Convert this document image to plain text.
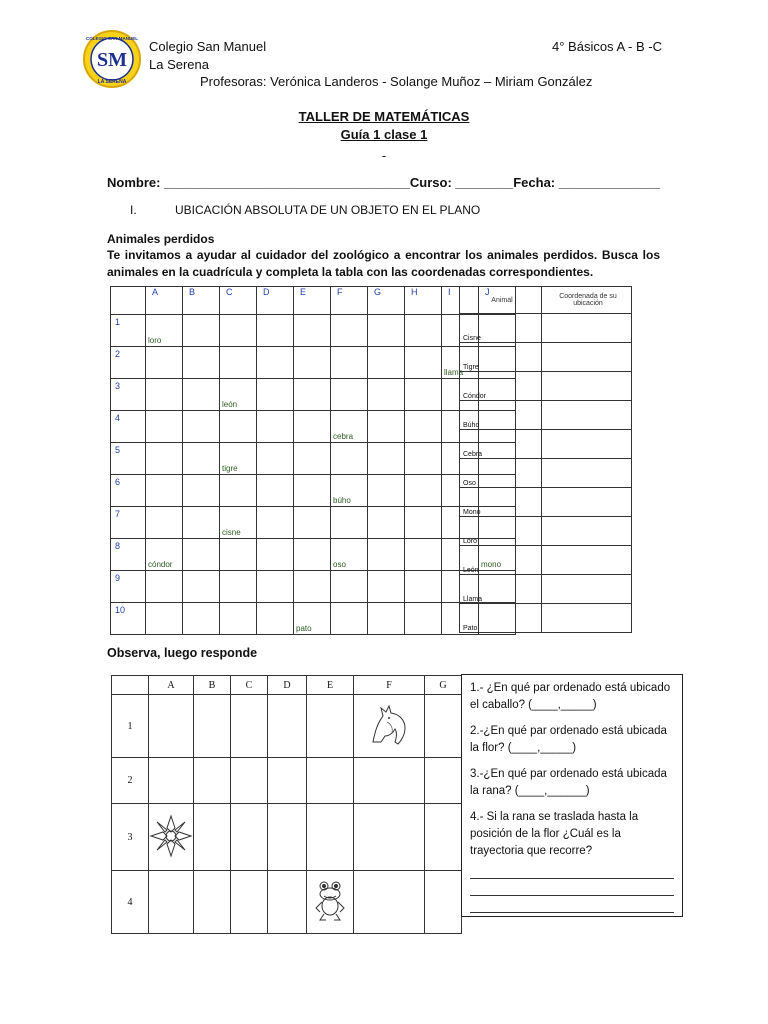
SM
LA SERENA
COLEGIO SAN MANUEL
Colegio San Manuel
La Serena
4° Básicos A - B -C
Profesoras: Verónica Landeros - Solange Muñoz – Miriam González
TALLER DE MATEMÁTICAS
Guía 1 clase 1
-
Nombre: __________________________________Curso: ________Fecha: ______________
I.	UBICACIÓN ABSOLUTA DE UN OBJETO EN EL PLANO
Animales perdidos
Te invitamos a ayudar al cuidador del zoológico a encontrar los animales perdidos. Busca los animales en la cuadrícula y completa la tabla con las coordenadas correspondientes.
	A	B	C	D	E	F	G	H	I	J
1	loro									

2									llama	

3			león							

4						cebra				

5			tigre							

6						búho				

7			cisne							

8	cóndor					oso				mono

9										
10					pato					

Animal	Coordenada de su ubicación
Cisne	
Tigre	
Cóndor	
Búho	
Cebra	
Oso	
Mono	
Loro	
León	
Llama	
Pato	
Observa, luego responde
	A	B	C	D	E	F	G
1							
2							
3							
4							

1.- ¿En qué par ordenado está ubicado el caballo? (____,_____)

2.-¿En qué par ordenado está ubicada la flor? (____,_____)

3.-¿En qué par ordenado está ubicada la rana? (____,______)

4.- Si la rana se traslada hasta la posición de la flor ¿Cuál es la trayectoria que recorre?
